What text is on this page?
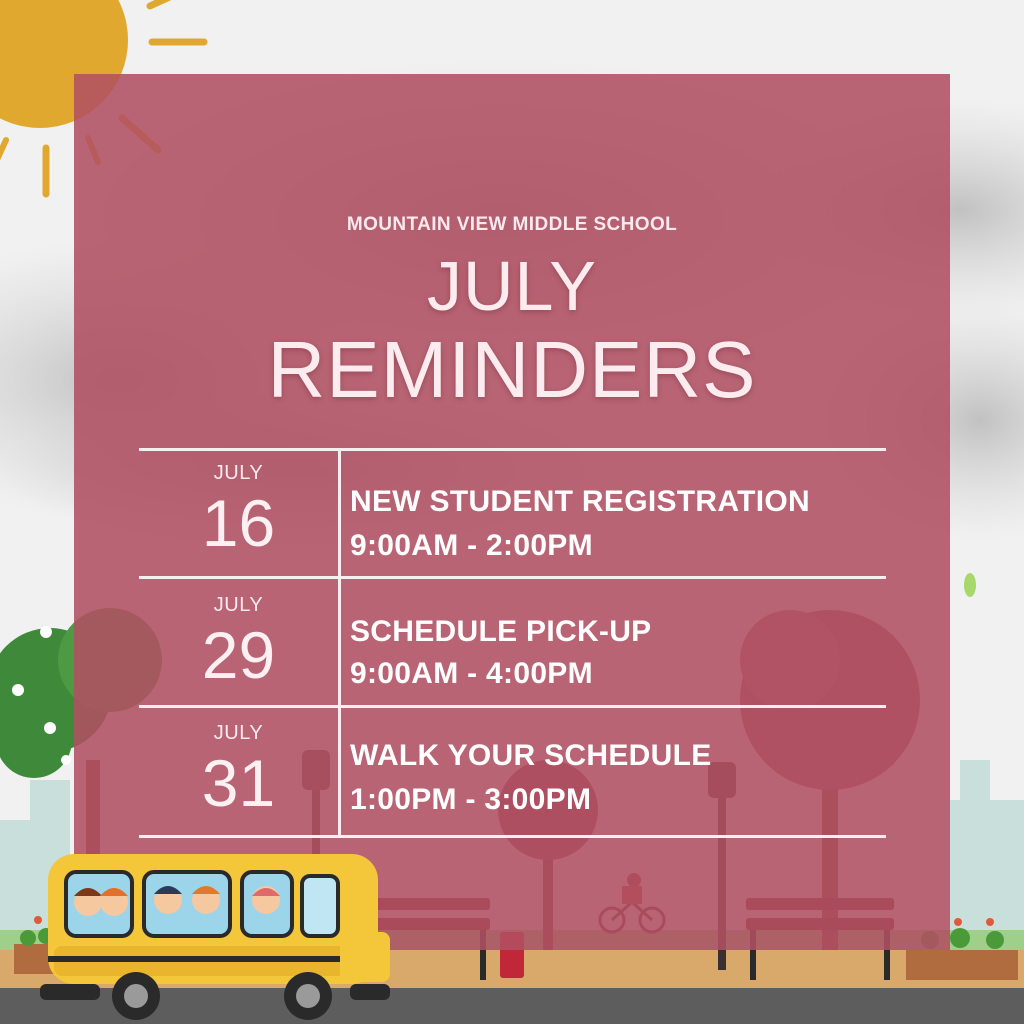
MOUNTAIN VIEW MIDDLE SCHOOL
JULY
REMINDERS
JULY
16	NEW STUDENT REGISTRATION
9:00AM - 2:00PM
JULY
29	SCHEDULE PICK-UP
9:00AM - 4:00PM
JULY
31	WALK YOUR SCHEDULE
1:00PM - 3:00PM
